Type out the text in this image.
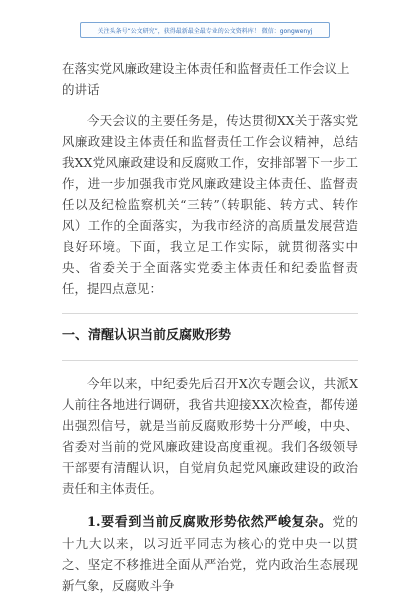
关注头条号“公文研究”，获得最新最全最专业的公文资料库！ 微信：gongwenyj

在落实党风廉政建设主体责任和监督责任工作会议上的讲话

今天会议的主要任务是，传达贯彻XX关于落实党风廉政建设主体责任和监督责任工作会议精神，总结我XX党风廉政建设和反腐败工作，安排部署下一步工作，进一步加强我市党风廉政建设主体责任、监督责任以及纪检监察机关“三转”（转职能、转方式、转作风）工作的全面落实，为我市经济的高质量发展营造良好环境。下面，我立足工作实际，就贯彻落实中央、省委关于全面落实党委主体责任和纪委监督责任，提四点意见：

一、清醒认识当前反腐败形势

今年以来，中纪委先后召开X次专题会议，共派X人前往各地进行调研，我省共迎接XX次检查，都传递出强烈信号，就是当前反腐败形势十分严峻，中央、省委对当前的党风廉政建设高度重视。我们各级领导干部要有清醒认识，自觉肩负起党风廉政建设的政治责任和主体责任。

1.要看到当前反腐败形势依然严峻复杂。党的十九大以来，以习近平同志为核心的党中央一以贯之、坚定不移推进全面从严治党，党内政治生态展现新气象，反腐败斗争
